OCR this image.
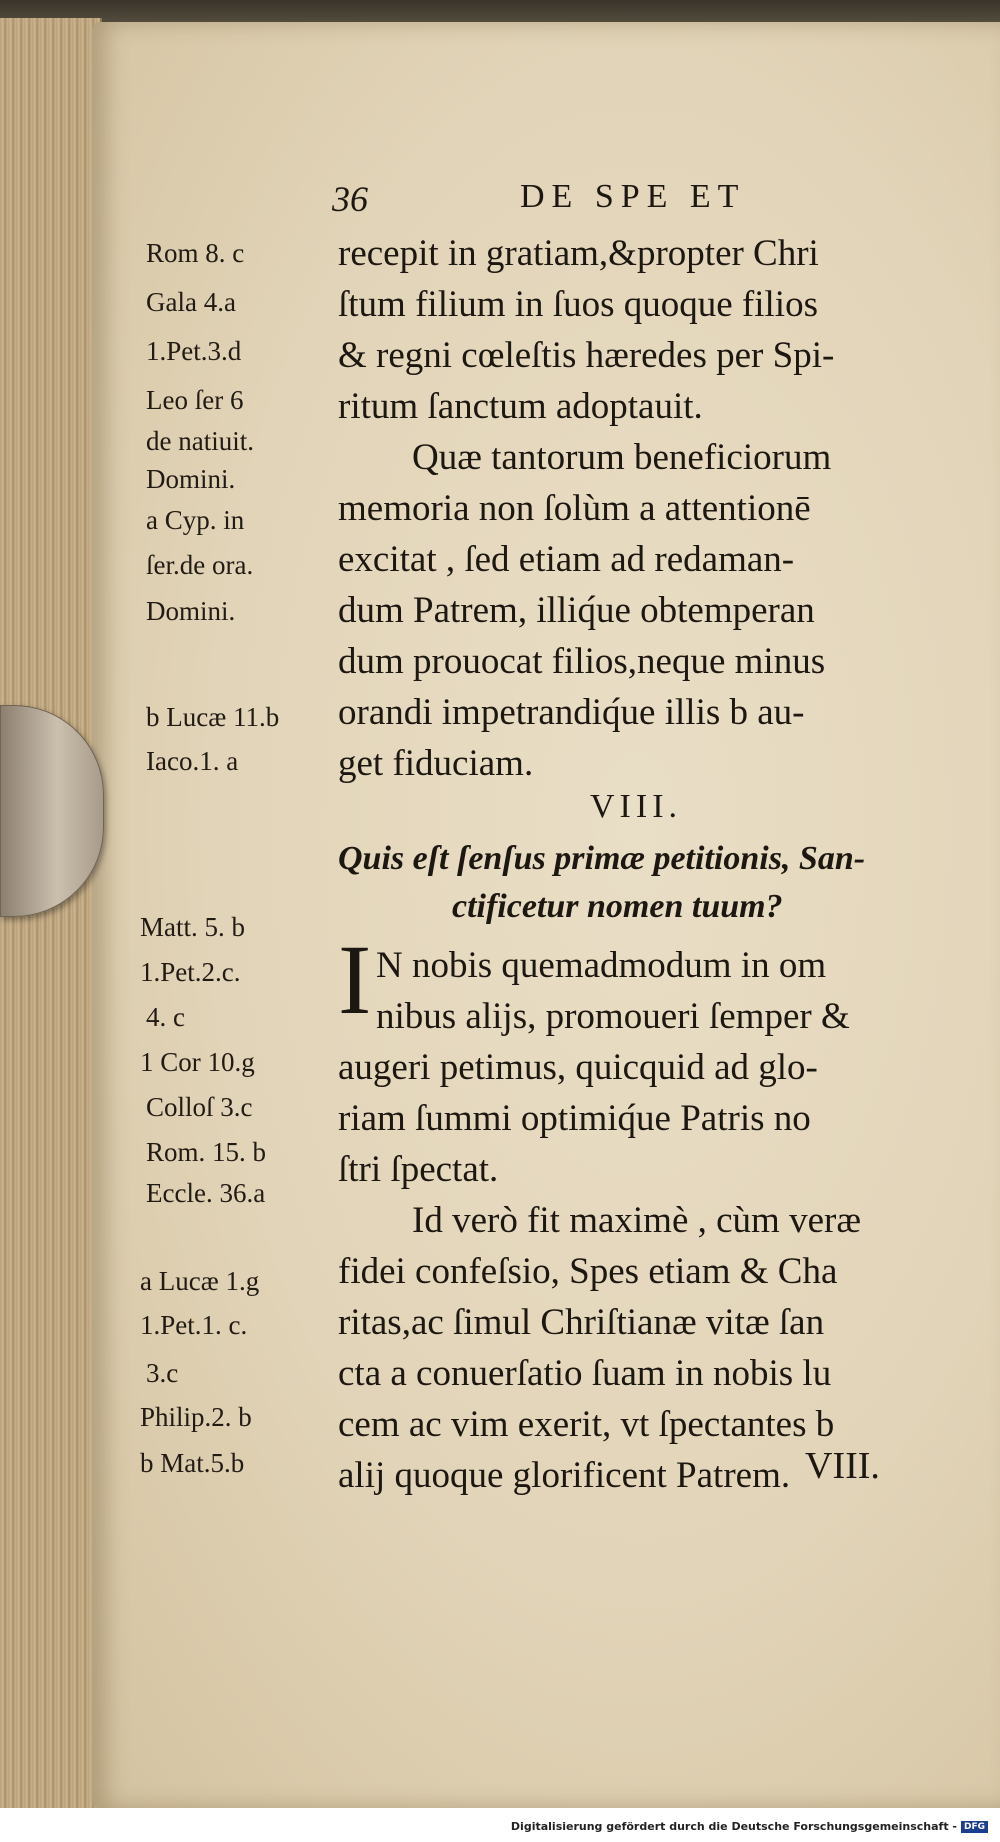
36	DE SPE ET
recepit in gratiam,&propter Chri
ſtum filium in ſuos quoque filios
& regni cœleſtis hæredes per Spi-
ritum ſanctum adoptauit.
Quæ tantorum beneficiorum
memoria non ſolùm a attentionē
excitat , ſed etiam ad redaman-
dum Patrem, illiq́ue obtemperan
dum prouocat filios,neque minus
orandi impetrandiq́ue illis b au-
get fiduciam.
VIII.
Quis eſt ſenſus primæ petitionis, San-
ctificetur nomen tuum?
I N nobis quemadmodum in om
nibus alijs, promoueri ſemper &
augeri petimus, quicquid ad glo-
riam ſummi optimiq́ue Patris no
ſtri ſpectat.
Id verò fit maximè , cùm veræ
fidei confeſsio, Spes etiam & Cha
ritas,ac ſimul Chriſtianæ vitæ ſan
cta a conuerſatio ſuam in nobis lu
cem ac vim exerit, vt ſpectantes b
alij quoque glorificent Patrem. VIII.
Rom 8. c
Gala 4.a
1.Pet.3.d
Leo ſer 6
de natiuit.
Domini.
a Cyp. in
ſer.de ora.
Domini.
b Lucæ 11.b
Iaco.1. a
Matt. 5. b
1.Pet.2.c.
4. c
1 Cor 10.g
Colloſ 3.c
Rom. 15. b
Eccle. 36.a
a Lucæ 1.g
1.Pet.1. c.
3.c
Philip.2. b
b Mat.5.b
Digitalisierung gefördert durch die Deutsche Forschungsgemeinschaft - DFG
